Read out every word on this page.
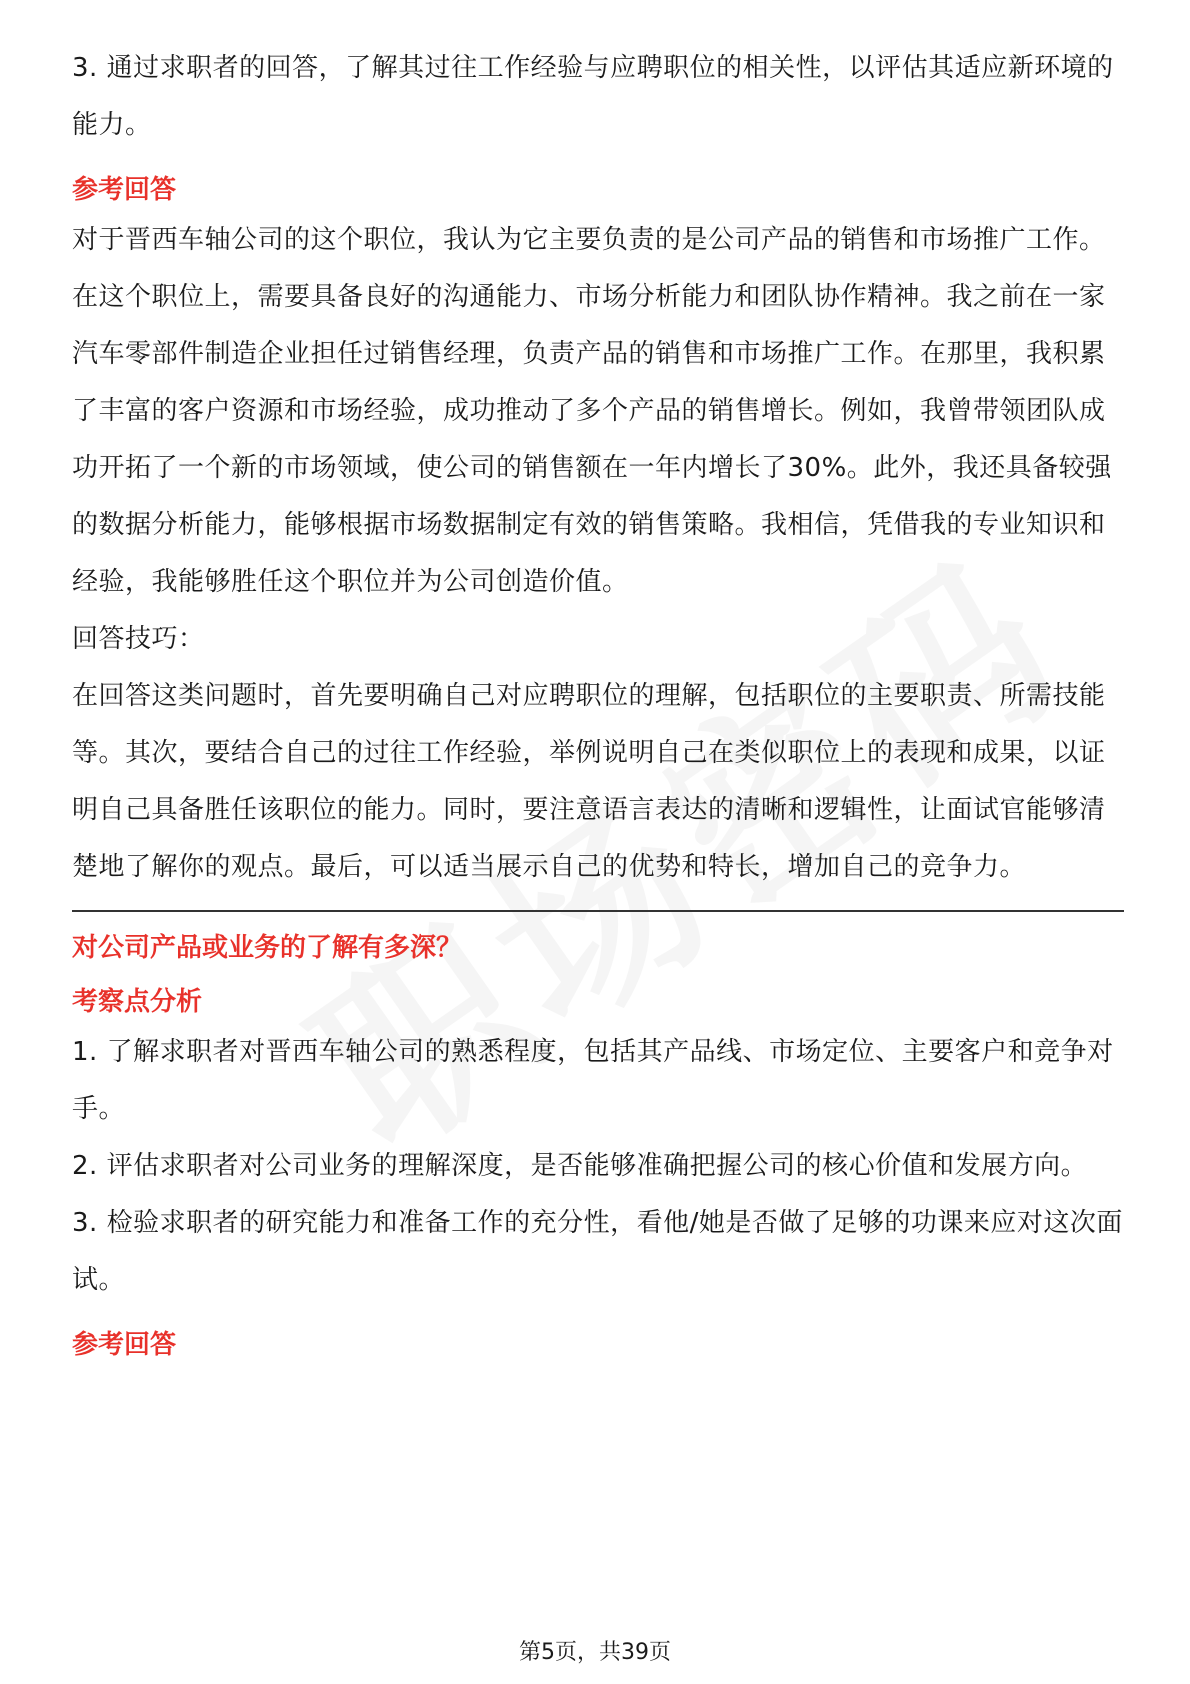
3. 通过求职者的回答，了解其过往工作经验与应聘职位的相关性，以评估其适应新环境的能力。

参考回答

对于晋西车轴公司的这个职位，我认为它主要负责的是公司产品的销售和市场推广工作。在这个职位上，需要具备良好的沟通能力、市场分析能力和团队协作精神。我之前在一家汽车零部件制造企业担任过销售经理，负责产品的销售和市场推广工作。在那里，我积累了丰富的客户资源和市场经验，成功推动了多个产品的销售增长。例如，我曾带领团队成功开拓了一个新的市场领域，使公司的销售额在一年内增长了30%。此外，我还具备较强的数据分析能力，能够根据市场数据制定有效的销售策略。我相信，凭借我的专业知识和经验，我能够胜任这个职位并为公司创造价值。

回答技巧：

在回答这类问题时，首先要明确自己对应聘职位的理解，包括职位的主要职责、所需技能等。其次，要结合自己的过往工作经验，举例说明自己在类似职位上的表现和成果，以证明自己具备胜任该职位的能力。同时，要注意语言表达的清晰和逻辑性，让面试官能够清楚地了解你的观点。最后，可以适当展示自己的优势和特长，增加自己的竞争力。

对公司产品或业务的了解有多深？

考察点分析

1. 了解求职者对晋西车轴公司的熟悉程度，包括其产品线、市场定位、主要客户和竞争对手。

2. 评估求职者对公司业务的理解深度，是否能够准确把握公司的核心价值和发展方向。

3. 检验求职者的研究能力和准备工作的充分性，看他/她是否做了足够的功课来应对这次面试。

参考回答

第5页，共39页
